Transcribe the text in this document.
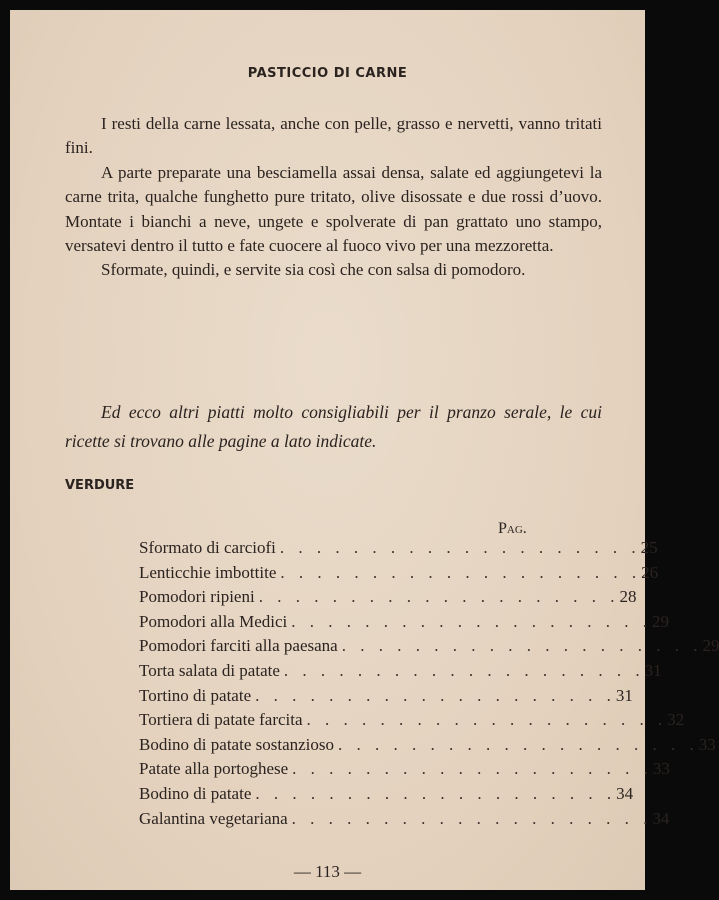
PASTICCIO DI CARNE

I resti della carne lessata, anche con pelle, grasso e nervetti, vanno tritati fini.

A parte preparate una besciamella assai densa, salate ed aggiungetevi la carne trita, qualche funghetto pure tritato, olive disossate e due rossi d’uovo. Montate i bianchi a neve, ungete e spolverate di pan grattato uno stampo, versatevi dentro il tutto e fate cuocere al fuoco vivo per una mezzoretta.

Sformate, quindi, e servite sia così che con salsa di pomodoro.

Ed ecco altri piatti molto consigliabili per il pranzo serale, le cui ricette si trovano alle pagine a lato indicate.
VERDURE
Pag.
Sformato di carciofi . . . . . . . . . . . . . . . . . . . . 25
Lenticchie imbottite . . . . . . . . . . . . . . . . . . . . 26
Pomodori ripieni . . . . . . . . . . . . . . . . . . . . 28
Pomodori alla Medici . . . . . . . . . . . . . . . . . . . . 29
Pomodori farciti alla paesana . . . . . . . . . . . . . . . . . . . . 29
Torta salata di patate . . . . . . . . . . . . . . . . . . . . 31
Tortino di patate . . . . . . . . . . . . . . . . . . . . 31
Tortiera di patate farcita . . . . . . . . . . . . . . . . . . . . 32
Bodino di patate sostanzioso . . . . . . . . . . . . . . . . . . . . 33
Patate alla portoghese . . . . . . . . . . . . . . . . . . . . 33
Bodino di patate . . . . . . . . . . . . . . . . . . . . 34
Galantina vegetariana . . . . . . . . . . . . . . . . . . . . 34
— 113 —
